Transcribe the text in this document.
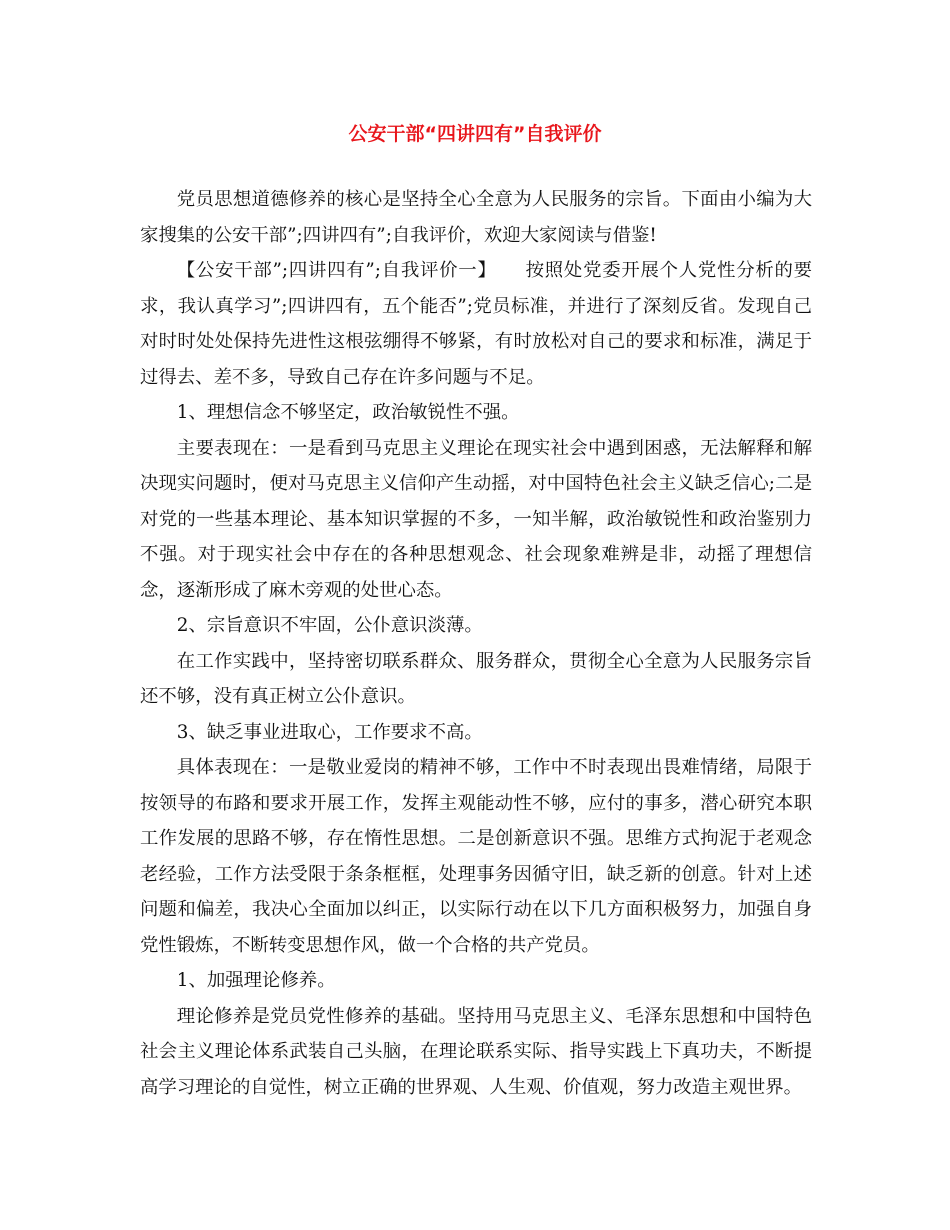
公安干部“四讲四有”自我评价

党员思想道德修养的核心是坚持全心全意为人民服务的宗旨。下面由小编为大家搜集的公安干部”;四讲四有”;自我评价，欢迎大家阅读与借鉴!

【公安干部”;四讲四有”;自我评价一】　　按照处党委开展个人党性分析的要求，我认真学习”;四讲四有，五个能否”;党员标准，并进行了深刻反省。发现自己对时时处处保持先进性这根弦绷得不够紧，有时放松对自己的要求和标准，满足于过得去、差不多，导致自己存在许多问题与不足。

1、理想信念不够坚定，政治敏锐性不强。

主要表现在：一是看到马克思主义理论在现实社会中遇到困惑，无法解释和解决现实问题时，便对马克思主义信仰产生动摇，对中国特色社会主义缺乏信心;二是对党的一些基本理论、基本知识掌握的不多，一知半解，政治敏锐性和政治鉴别力不强。对于现实社会中存在的各种思想观念、社会现象难辨是非，动摇了理想信念，逐渐形成了麻木旁观的处世心态。

2、宗旨意识不牢固，公仆意识淡薄。

在工作实践中，坚持密切联系群众、服务群众，贯彻全心全意为人民服务宗旨还不够，没有真正树立公仆意识。

3、缺乏事业进取心，工作要求不高。

具体表现在：一是敬业爱岗的精神不够，工作中不时表现出畏难情绪，局限于按领导的布路和要求开展工作，发挥主观能动性不够，应付的事多，潜心研究本职工作发展的思路不够，存在惰性思想。二是创新意识不强。思维方式拘泥于老观念老经验，工作方法受限于条条框框，处理事务因循守旧，缺乏新的创意。针对上述问题和偏差，我决心全面加以纠正，以实际行动在以下几方面积极努力，加强自身党性锻炼，不断转变思想作风，做一个合格的共产党员。

1、加强理论修养。

理论修养是党员党性修养的基础。坚持用马克思主义、毛泽东思想和中国特色社会主义理论体系武装自己头脑，在理论联系实际、指导实践上下真功夫，不断提高学习理论的自觉性，树立正确的世界观、人生观、价值观，努力改造主观世界。
